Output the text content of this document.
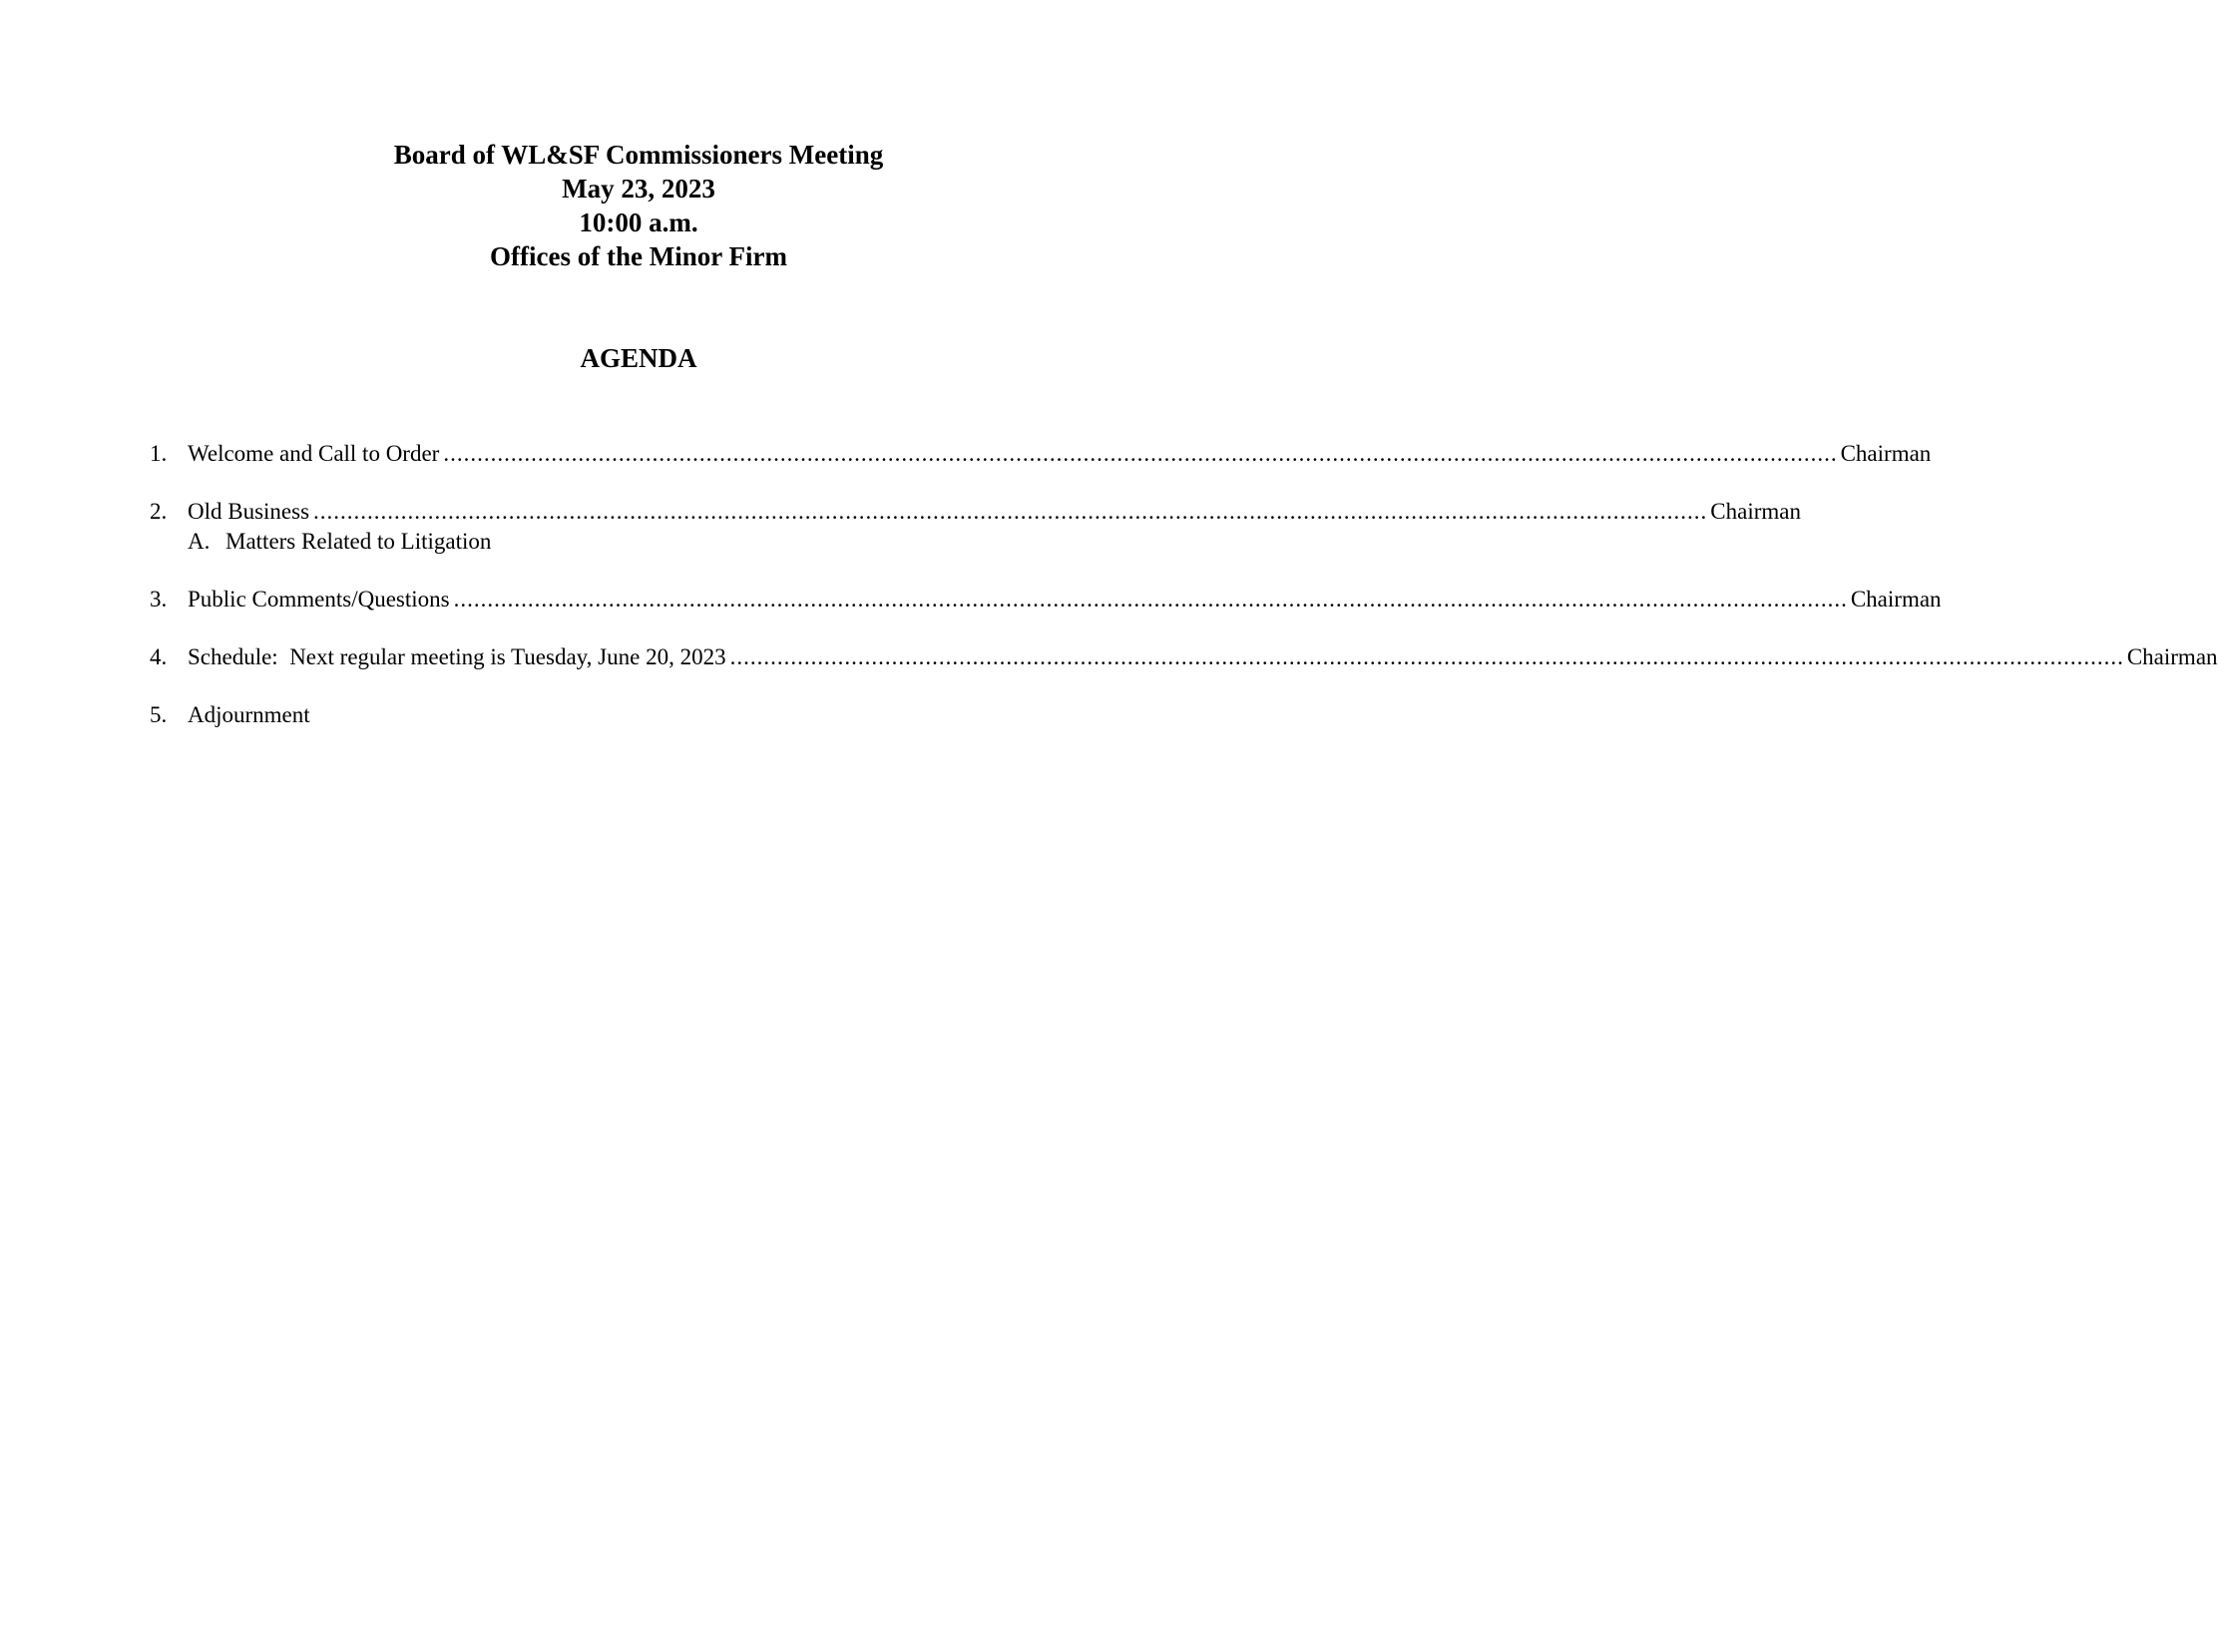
Board of WL&SF Commissioners Meeting
May 23, 2023
10:00 a.m.
Offices of the Minor Firm
AGENDA
1. Welcome and Call to Order .....	Chairman
2. Old Business .....	Chairman
A. Matters Related to Litigation
3. Public Comments/Questions .....	Chairman
4. Schedule:  Next regular meeting is Tuesday, June 20, 2023 .....	Chairman
5. Adjournment
